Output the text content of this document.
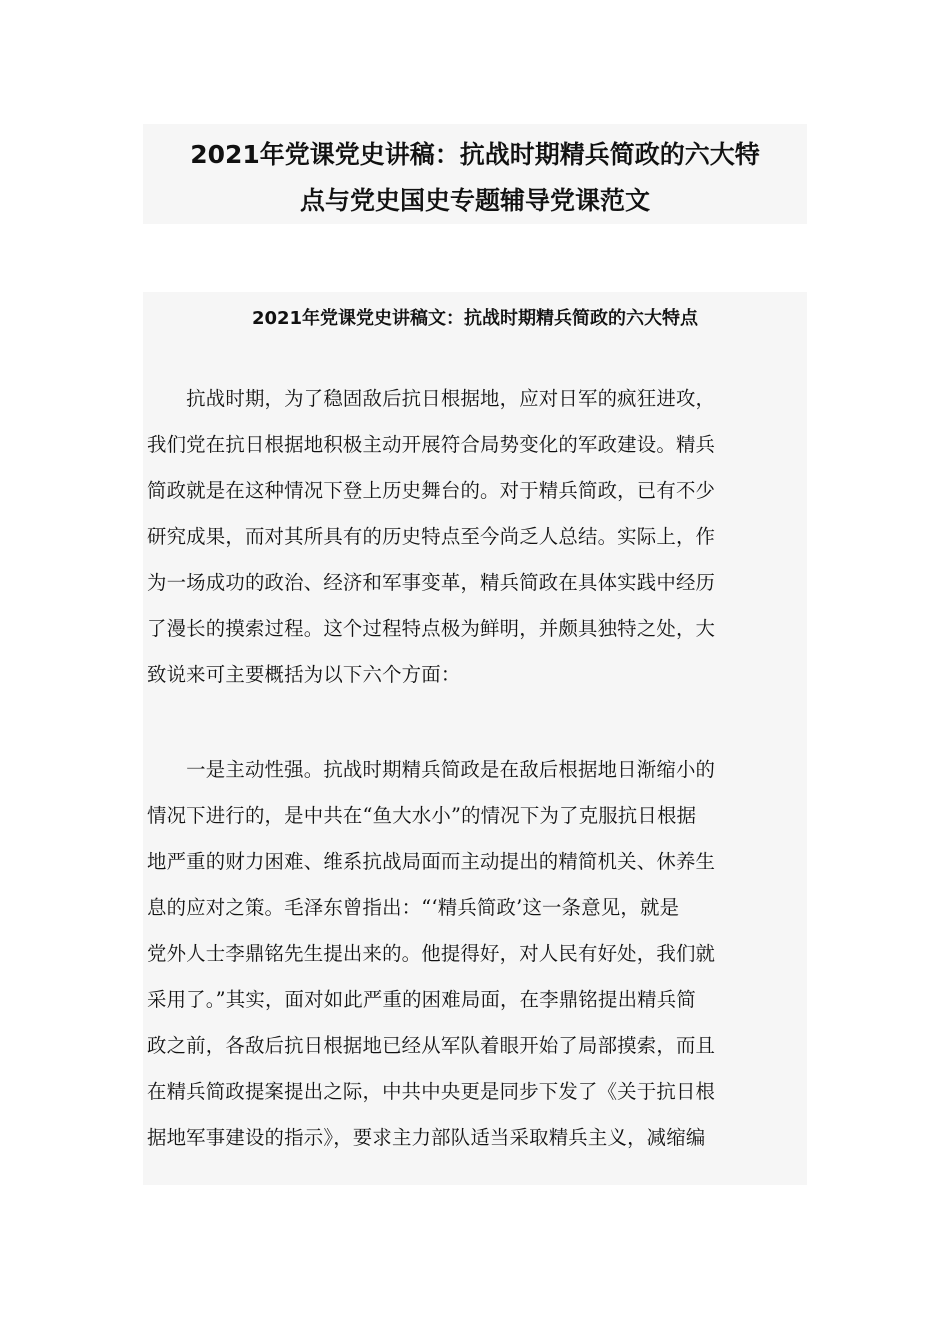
2021年党课党史讲稿：抗战时期精兵简政的六大特
点与党史国史专题辅导党课范文
2021年党课党史讲稿文：抗战时期精兵简政的六大特点
　　抗战时期，为了稳固敌后抗日根据地，应对日军的疯狂进攻，
我们党在抗日根据地积极主动开展符合局势变化的军政建设。精兵
简政就是在这种情况下登上历史舞台的。对于精兵简政，已有不少
研究成果，而对其所具有的历史特点至今尚乏人总结。实际上，作
为一场成功的政治、经济和军事变革，精兵简政在具体实践中经历
了漫长的摸索过程。这个过程特点极为鲜明，并颇具独特之处，大
致说来可主要概括为以下六个方面：
　　一是主动性强。抗战时期精兵简政是在敌后根据地日渐缩小的
情况下进行的，是中共在“鱼大水小”的情况下为了克服抗日根据
地严重的财力困难、维系抗战局面而主动提出的精简机关、休养生
息的应对之策。毛泽东曾指出：“‘精兵简政’这一条意见，就是
党外人士李鼎铭先生提出来的。他提得好，对人民有好处，我们就
采用了。”其实，面对如此严重的困难局面，在李鼎铭提出精兵简
政之前，各敌后抗日根据地已经从军队着眼开始了局部摸索，而且
在精兵简政提案提出之际，中共中央更是同步下发了《关于抗日根
据地军事建设的指示》，要求主力部队适当采取精兵主义，减缩编
